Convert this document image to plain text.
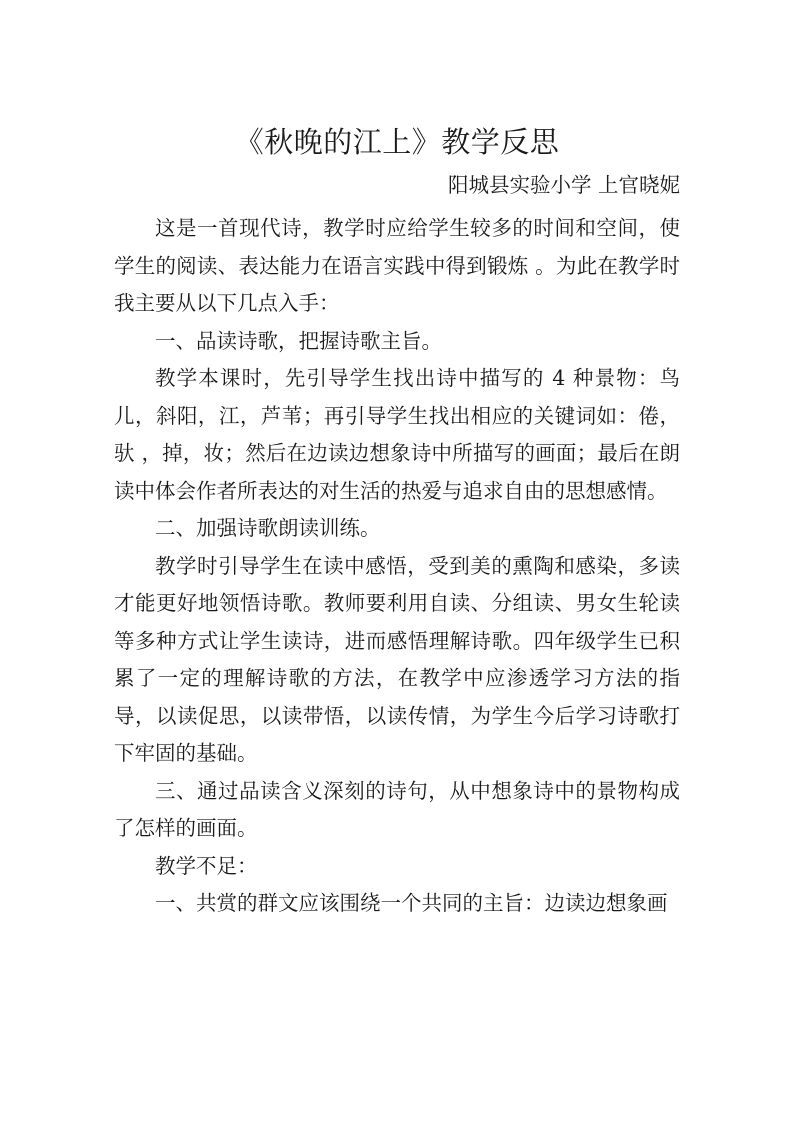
《秋晚的江上》教学反思
阳城县实验小学 上官晓妮

这是一首现代诗，教学时应给学生较多的时间和空间，使学生的阅读、表达能力在语言实践中得到锻炼 。为此在教学时我主要从以下几点入手：

一、品读诗歌，把握诗歌主旨。

教学本课时，先引导学生找出诗中描写的 4 种景物：鸟儿，斜阳，江，芦苇；再引导学生找出相应的关键词如：倦，驮 ，掉，妆；然后在边读边想象诗中所描写的画面；最后在朗读中体会作者所表达的对生活的热爱与追求自由的思想感情。

二、加强诗歌朗读训练。

教学时引导学生在读中感悟，受到美的熏陶和感染，多读才能更好地领悟诗歌。教师要利用自读、分组读、男女生轮读等多种方式让学生读诗，进而感悟理解诗歌。四年级学生已积累了一定的理解诗歌的方法，在教学中应渗透学习方法的指导，以读促思，以读带悟，以读传情，为学生今后学习诗歌打下牢固的基础。

三、通过品读含义深刻的诗句，从中想象诗中的景物构成了怎样的画面。

教学不足：

一、共赏的群文应该围绕一个共同的主旨：边读边想象画
